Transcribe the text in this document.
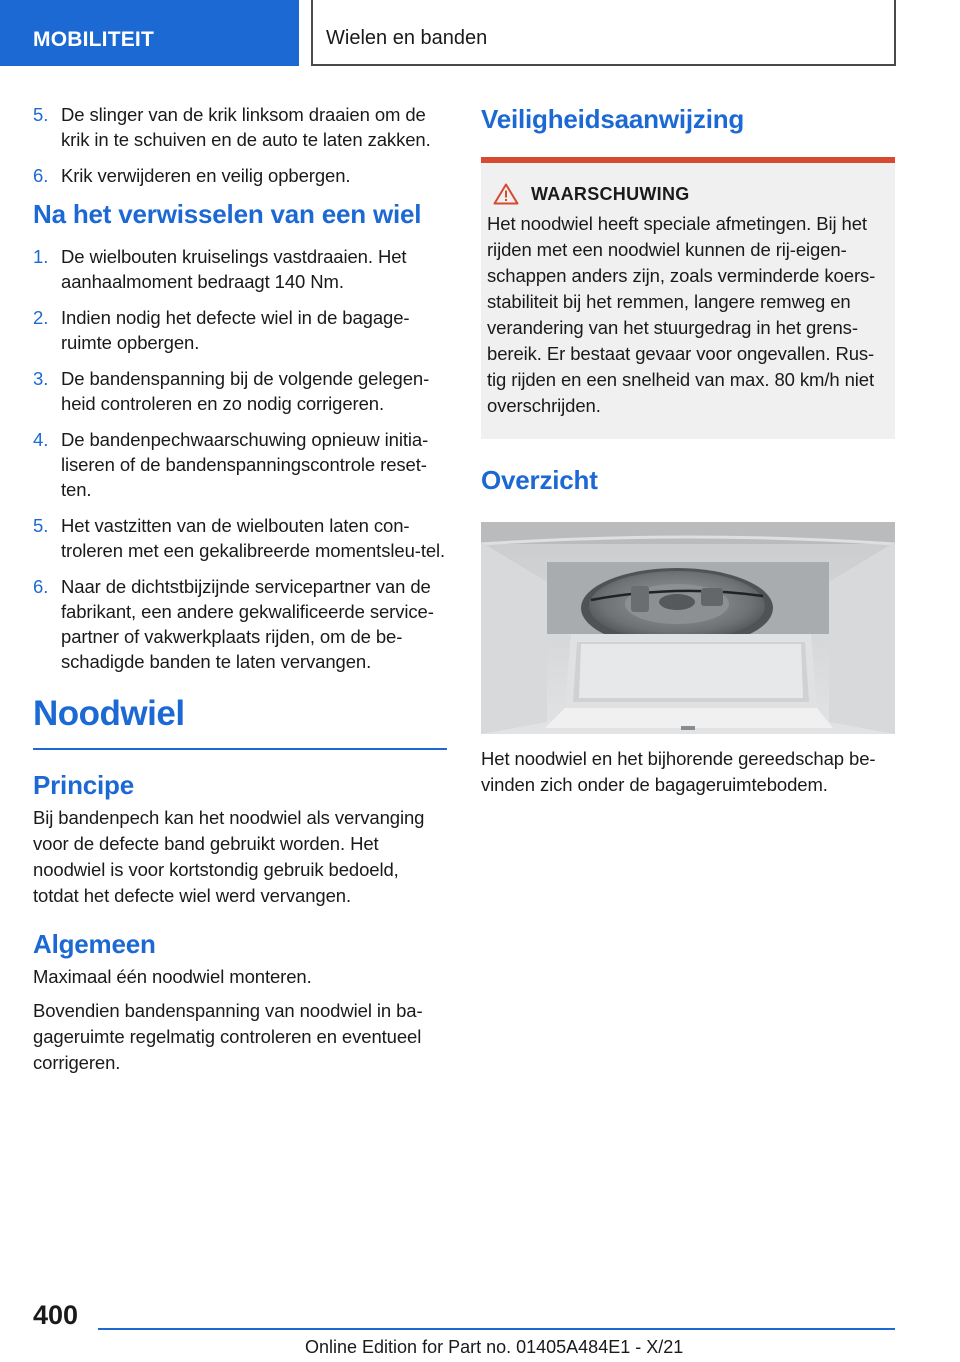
MOBILITEIT	Wielen en banden
5. De slinger van de krik linksom draaien om de krik in te schuiven en de auto te laten zakken.
6. Krik verwijderen en veilig opbergen.
Na het verwisselen van een wiel
1. De wielbouten kruiselings vastdraaien. Het aanhaalmoment bedraagt 140 Nm.
2. Indien nodig het defecte wiel in de bagage-ruimte opbergen.
3. De bandenspanning bij de volgende gelegen-heid controleren en zo nodig corrigeren.
4. De bandenpechwaarschuwing opnieuw initia-liseren of de bandenspanningscontrole reset-ten.
5. Het vastzitten van de wielbouten laten con-troleren met een gekalibreerde momentsleu-tel.
6. Naar de dichtstbijzijnde servicepartner van de fabrikant, een andere gekwalificeerde service-partner of vakwerkplaats rijden, om de be-schadigde banden te laten vervangen.
Noodwiel
Principe

Bij bandenpech kan het noodwiel als vervanging voor de defecte band gebruikt worden. Het noodwiel is voor kortstondig gebruik bedoeld, totdat het defecte wiel werd vervangen.

Algemeen

Maximaal één noodwiel monteren.

Bovendien bandenspanning van noodwiel in ba-gageruimte regelmatig controleren en eventueel corrigeren.

Veiligheidsaanwijzing
WAARSCHUWING

Het noodwiel heeft speciale afmetingen. Bij het rijden met een noodwiel kunnen de rij-eigen-schappen anders zijn, zoals verminderde koers-stabiliteit bij het remmen, langere remweg en verandering van het stuurgedrag in het grens-bereik. Er bestaat gevaar voor ongevallen. Rus-tig rijden en een snelheid van max. 80 km/h niet overschrijden.

Overzicht

Het noodwiel en het bijhorende gereedschap be-vinden zich onder de bagageruimtebodem.

400
Online Edition for Part no. 01405A484E1 - X/21
